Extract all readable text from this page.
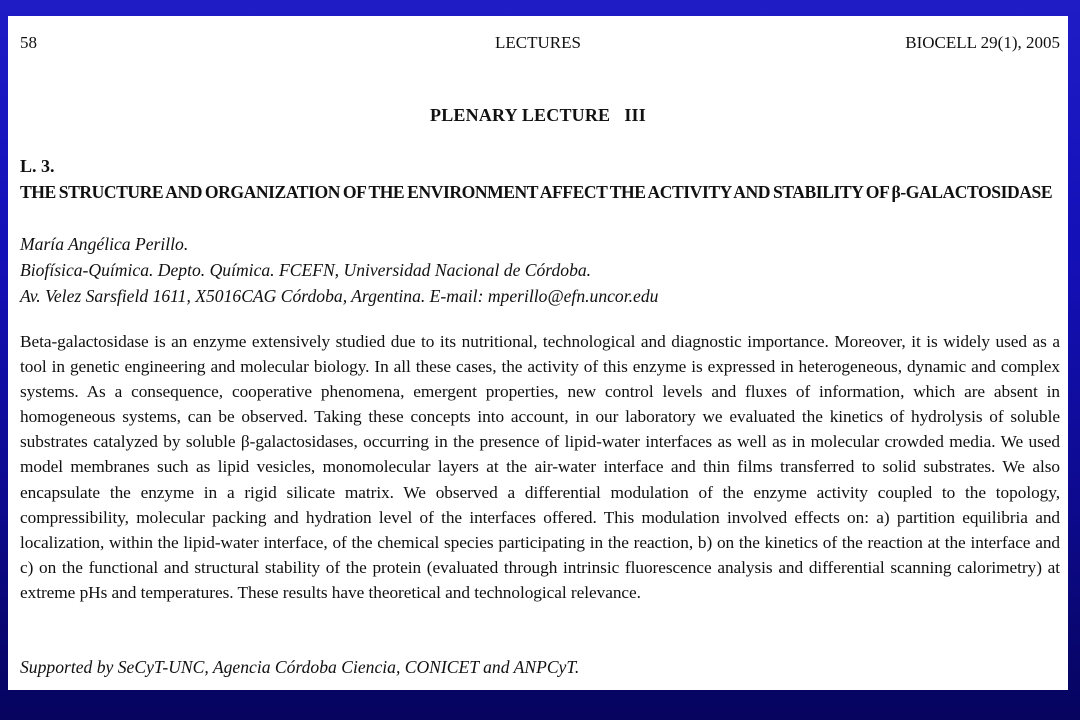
58	LECTURES	BIOCELL 29(1), 2005
PLENARY LECTURE   III
L. 3.

THE STRUCTURE AND ORGANIZATION OF THE ENVIRONMENT AFFECT THE ACTIVITY AND STABILITY OF β-GALACTOSIDASE

María Angélica Perillo.
Biofísica-Química. Depto. Química. FCEFN, Universidad Nacional de Córdoba.
Av. Velez Sarsfield 1611, X5016CAG Córdoba, Argentina. E-mail: mperillo@efn.uncor.edu

Beta-galactosidase is an enzyme extensively studied due to its nutritional, technological and diagnostic importance. Moreover, it is widely used as a tool in genetic engineering and molecular biology. In all these cases, the activity of this enzyme is expressed in heterogeneous, dynamic and complex systems. As a consequence, cooperative phenomena, emergent properties, new control levels and fluxes of information, which are absent in homogeneous systems, can be observed. Taking these concepts into account, in our laboratory we evaluated the kinetics of hydrolysis of soluble substrates catalyzed by soluble β-galactosidases, occurring in the presence of lipid-water interfaces as well as in molecular crowded media. We used model membranes such as lipid vesicles, monomolecular layers at the air-water interface and thin films transferred to solid substrates. We also encapsulate the enzyme in a rigid silicate matrix. We observed a differential modulation of the enzyme activity coupled to the topology, compressibility, molecular packing and hydration level of the interfaces offered. This modulation involved effects on: a) partition equilibria and localization, within the lipid-water interface, of the chemical species participating in the reaction, b) on the kinetics of the reaction at the interface and c) on the functional and structural stability of the protein (evaluated through intrinsic fluorescence analysis and differential scanning calorimetry) at extreme pHs and temperatures. These results have theoretical and technological relevance.

Supported by SeCyT-UNC, Agencia Córdoba Ciencia, CONICET and ANPCyT.
